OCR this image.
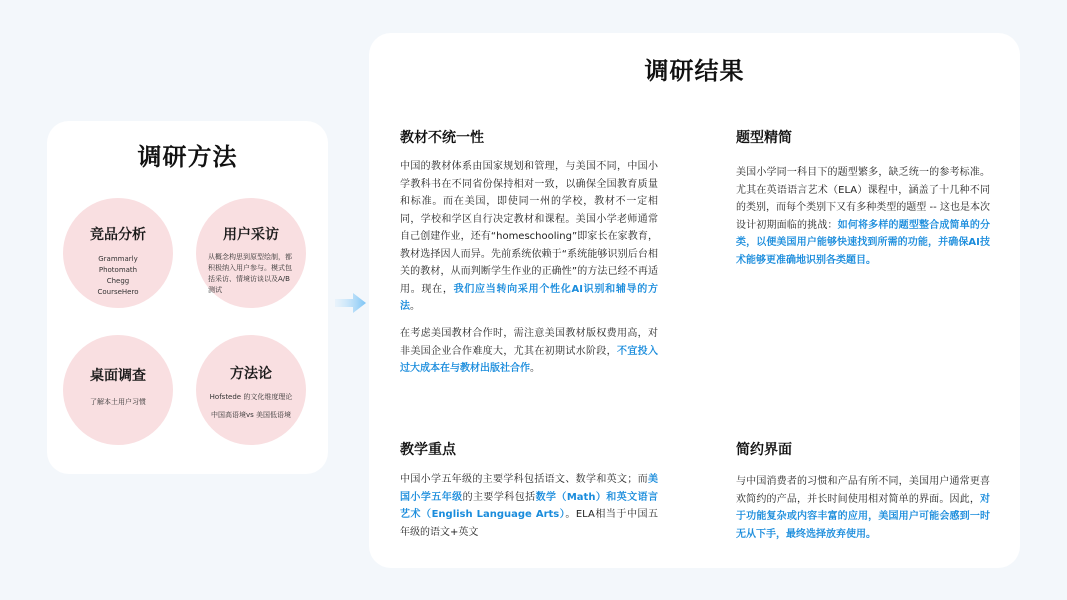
调研方法
竞品分析
Grammarly
Photomath
Chegg
CourseHero
用户采访
从概念构思到原型绘制，都积极纳入用户参与。模式包括采访、情境访谈以及A/B测试
桌面调查
了解本土用户习惯
方法论
Hofstede 的文化维度理论
中国高语境vs 美国低语境
调研结果
教材不统一性
中国的教材体系由国家规划和管理，与美国不同，中国小学教科书在不同省份保持相对一致，以确保全国教育质量和标准。而在美国，即使同一州的学校，教材不一定相同，学校和学区自行决定教材和课程。美国小学老师通常自己创建作业，还有“homeschooling”即家长在家教育，教材选择因人而异。先前系统依赖于“系统能够识别后台相关的教材，从而判断学生作业的正确性”的方法已经不再适用。现在，我们应当转向采用个性化AI识别和辅导的方法。
在考虑美国教材合作时，需注意美国教材版权费用高，对非美国企业合作难度大，尤其在初期试水阶段，不宜投入过大成本在与教材出版社合作。
题型精简
美国小学同一科目下的题型繁多，缺乏统一的参考标准。尤其在英语语言艺术（ELA）课程中，涵盖了十几种不同的类别，而每个类别下又有多种类型的题型 -- 这也是本次设计初期面临的挑战：如何将多样的题型整合成简单的分类，以便美国用户能够快速找到所需的功能，并确保AI技术能够更准确地识别各类题目。
教学重点
中国小学五年级的主要学科包括语文、数学和英文；而美国小学五年级的主要学科包括数学（Math）和英文语言艺术（English Language Arts）。ELA相当于中国五年级的语文+英文
简约界面
与中国消费者的习惯和产品有所不同，美国用户通常更喜欢简约的产品，并长时间使用相对简单的界面。因此，对于功能复杂或内容丰富的应用，美国用户可能会感到一时无从下手，最终选择放弃使用。
